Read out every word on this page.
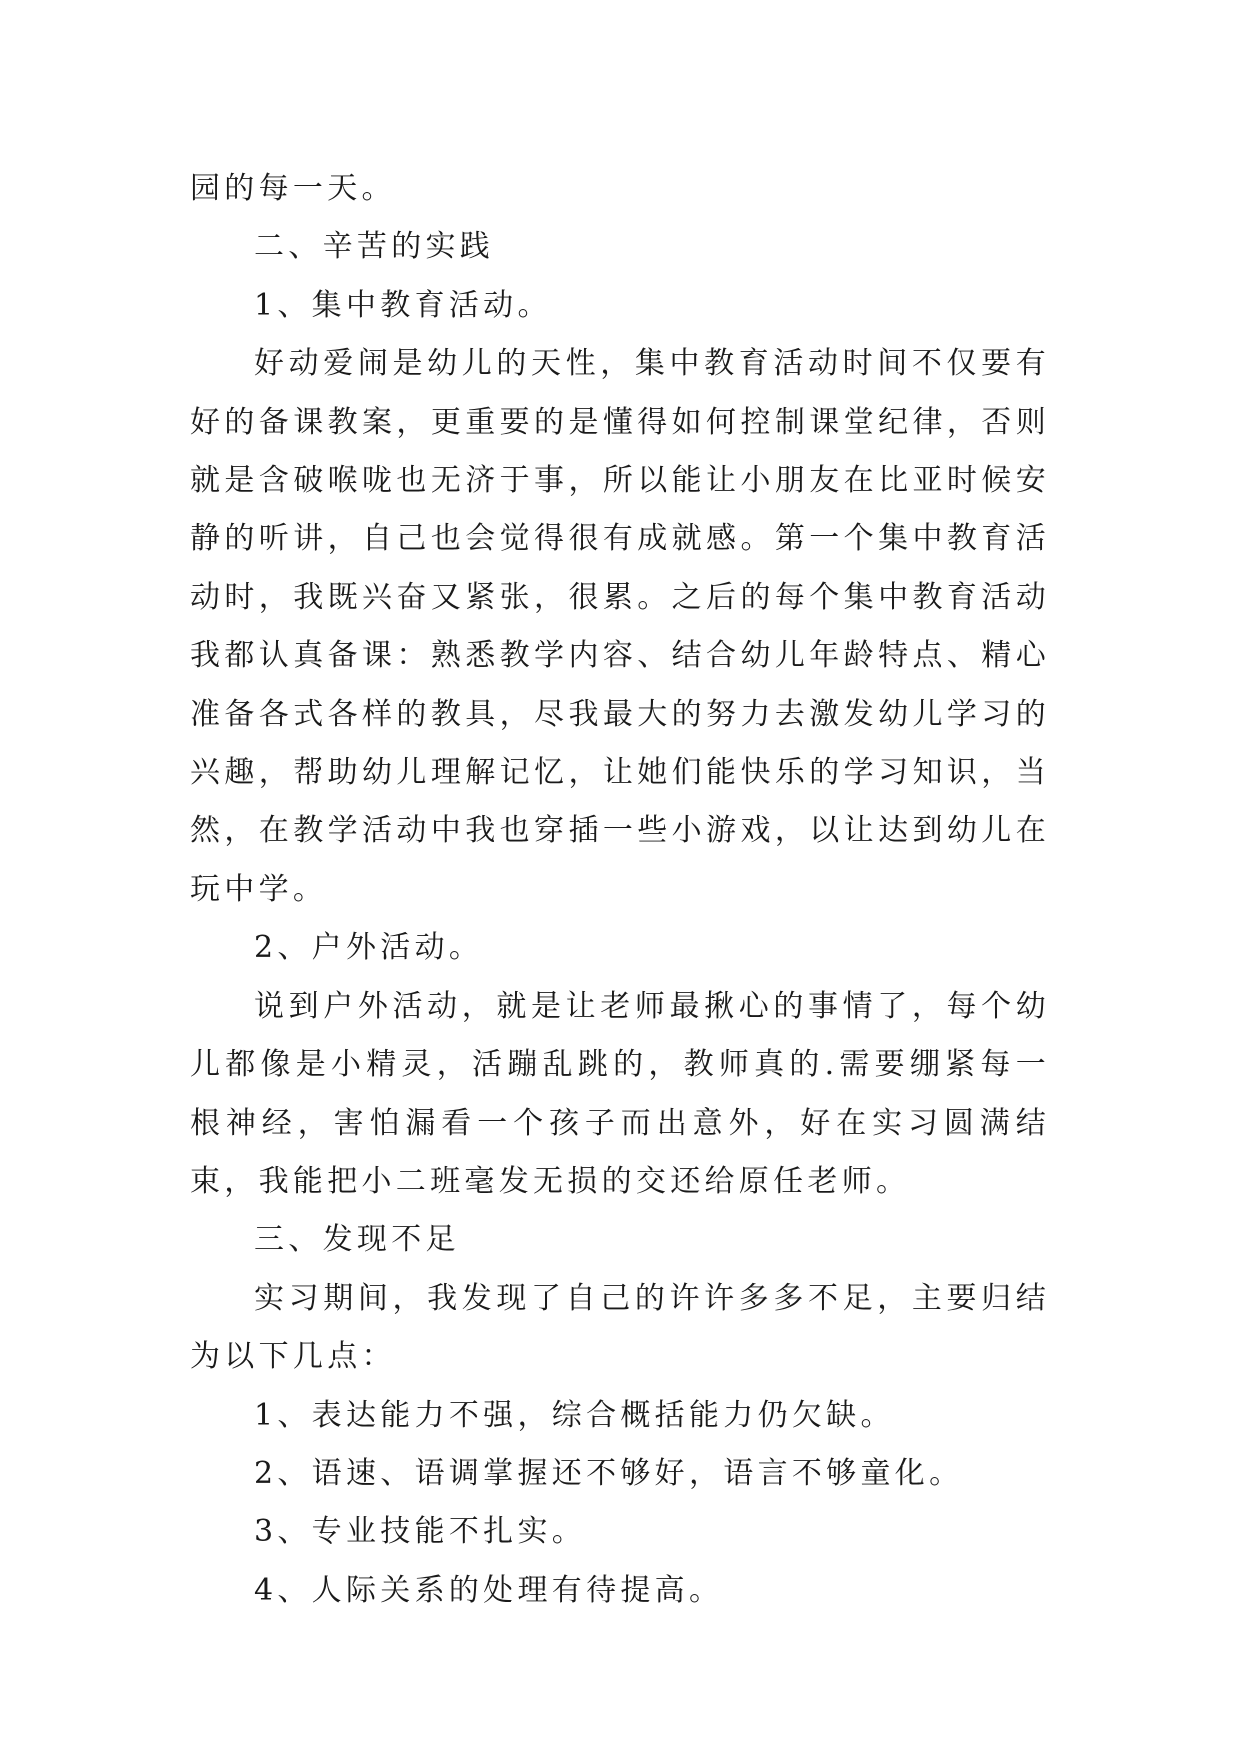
园的每一天。

二、辛苦的实践

1、集中教育活动。

好动爱闹是幼儿的天性，集中教育活动时间不仅要有好的备课教案，更重要的是懂得如何控制课堂纪律，否则就是含破喉咙也无济于事，所以能让小朋友在比亚时候安静的听讲，自己也会觉得很有成就感。第一个集中教育活动时，我既兴奋又紧张，很累。之后的每个集中教育活动我都认真备课：熟悉教学内容、结合幼儿年龄特点、精心准备各式各样的教具，尽我最大的努力去激发幼儿学习的兴趣，帮助幼儿理解记忆，让她们能快乐的学习知识，当然，在教学活动中我也穿插一些小游戏，以让达到幼儿在玩中学。

2、户外活动。

说到户外活动，就是让老师最揪心的事情了，每个幼儿都像是小精灵，活蹦乱跳的，教师真的.需要绷紧每一根神经，害怕漏看一个孩子而出意外，好在实习圆满结束，我能把小二班毫发无损的交还给原任老师。

三、发现不足

实习期间，我发现了自己的许许多多不足，主要归结为以下几点：

1、表达能力不强，综合概括能力仍欠缺。

2、语速、语调掌握还不够好，语言不够童化。

3、专业技能不扎实。

4、人际关系的处理有待提高。
